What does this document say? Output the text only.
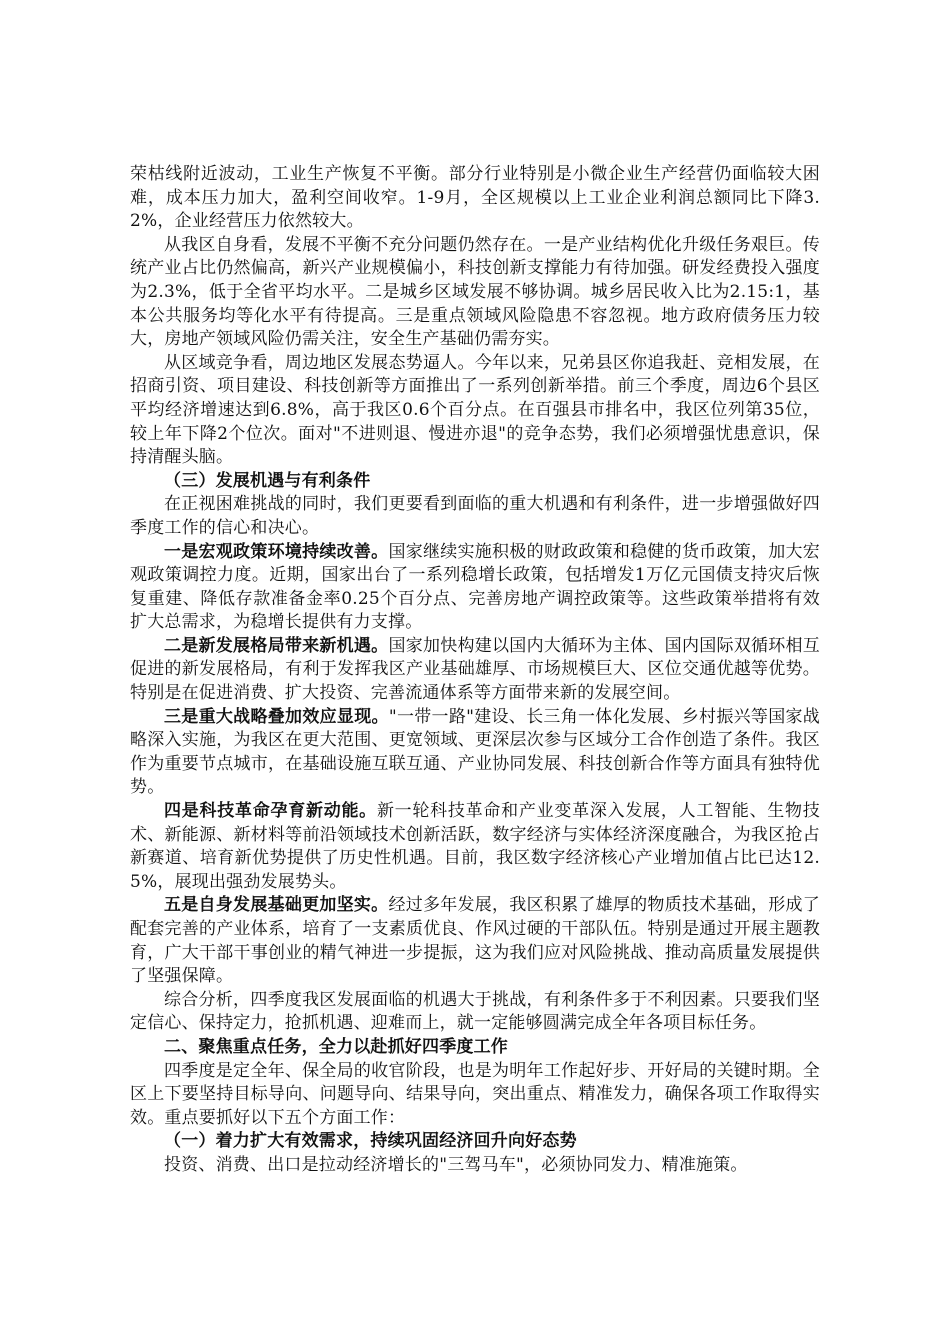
荣枯线附近波动，工业生产恢复不平衡。部分行业特别是小微企业生产经营仍面临较大困难，成本压力加大，盈利空间收窄。1-9月，全区规模以上工业企业利润总额同比下降3.2%，企业经营压力依然较大。

从我区自身看，发展不平衡不充分问题仍然存在。一是产业结构优化升级任务艰巨。传统产业占比仍然偏高，新兴产业规模偏小，科技创新支撑能力有待加强。研发经费投入强度为2.3%，低于全省平均水平。二是城乡区域发展不够协调。城乡居民收入比为2.15:1，基本公共服务均等化水平有待提高。三是重点领域风险隐患不容忽视。地方政府债务压力较大，房地产领域风险仍需关注，安全生产基础仍需夯实。

从区域竞争看，周边地区发展态势逼人。今年以来，兄弟县区你追我赶、竞相发展，在招商引资、项目建设、科技创新等方面推出了一系列创新举措。前三个季度，周边6个县区平均经济增速达到6.8%，高于我区0.6个百分点。在百强县市排名中，我区位列第35位，较上年下降2个位次。面对"不进则退、慢进亦退"的竞争态势，我们必须增强忧患意识，保持清醒头脑。

（三）发展机遇与有利条件

在正视困难挑战的同时，我们更要看到面临的重大机遇和有利条件，进一步增强做好四季度工作的信心和决心。

一是宏观政策环境持续改善。国家继续实施积极的财政政策和稳健的货币政策，加大宏观政策调控力度。近期，国家出台了一系列稳增长政策，包括增发1万亿元国债支持灾后恢复重建、降低存款准备金率0.25个百分点、完善房地产调控政策等。这些政策举措将有效扩大总需求，为稳增长提供有力支撑。

二是新发展格局带来新机遇。国家加快构建以国内大循环为主体、国内国际双循环相互促进的新发展格局，有利于发挥我区产业基础雄厚、市场规模巨大、区位交通优越等优势。特别是在促进消费、扩大投资、完善流通体系等方面带来新的发展空间。

三是重大战略叠加效应显现。"一带一路"建设、长三角一体化发展、乡村振兴等国家战略深入实施，为我区在更大范围、更宽领域、更深层次参与区域分工合作创造了条件。我区作为重要节点城市，在基础设施互联互通、产业协同发展、科技创新合作等方面具有独特优势。

四是科技革命孕育新动能。新一轮科技革命和产业变革深入发展，人工智能、生物技术、新能源、新材料等前沿领域技术创新活跃，数字经济与实体经济深度融合，为我区抢占新赛道、培育新优势提供了历史性机遇。目前，我区数字经济核心产业增加值占比已达12.5%，展现出强劲发展势头。

五是自身发展基础更加坚实。经过多年发展，我区积累了雄厚的物质技术基础，形成了配套完善的产业体系，培育了一支素质优良、作风过硬的干部队伍。特别是通过开展主题教育，广大干部干事创业的精气神进一步提振，这为我们应对风险挑战、推动高质量发展提供了坚强保障。

综合分析，四季度我区发展面临的机遇大于挑战，有利条件多于不利因素。只要我们坚定信心、保持定力，抢抓机遇、迎难而上，就一定能够圆满完成全年各项目标任务。

二、聚焦重点任务，全力以赴抓好四季度工作

四季度是定全年、保全局的收官阶段，也是为明年工作起好步、开好局的关键时期。全区上下要坚持目标导向、问题导向、结果导向，突出重点、精准发力，确保各项工作取得实效。重点要抓好以下五个方面工作：

（一）着力扩大有效需求，持续巩固经济回升向好态势

投资、消费、出口是拉动经济增长的"三驾马车"，必须协同发力、精准施策。
